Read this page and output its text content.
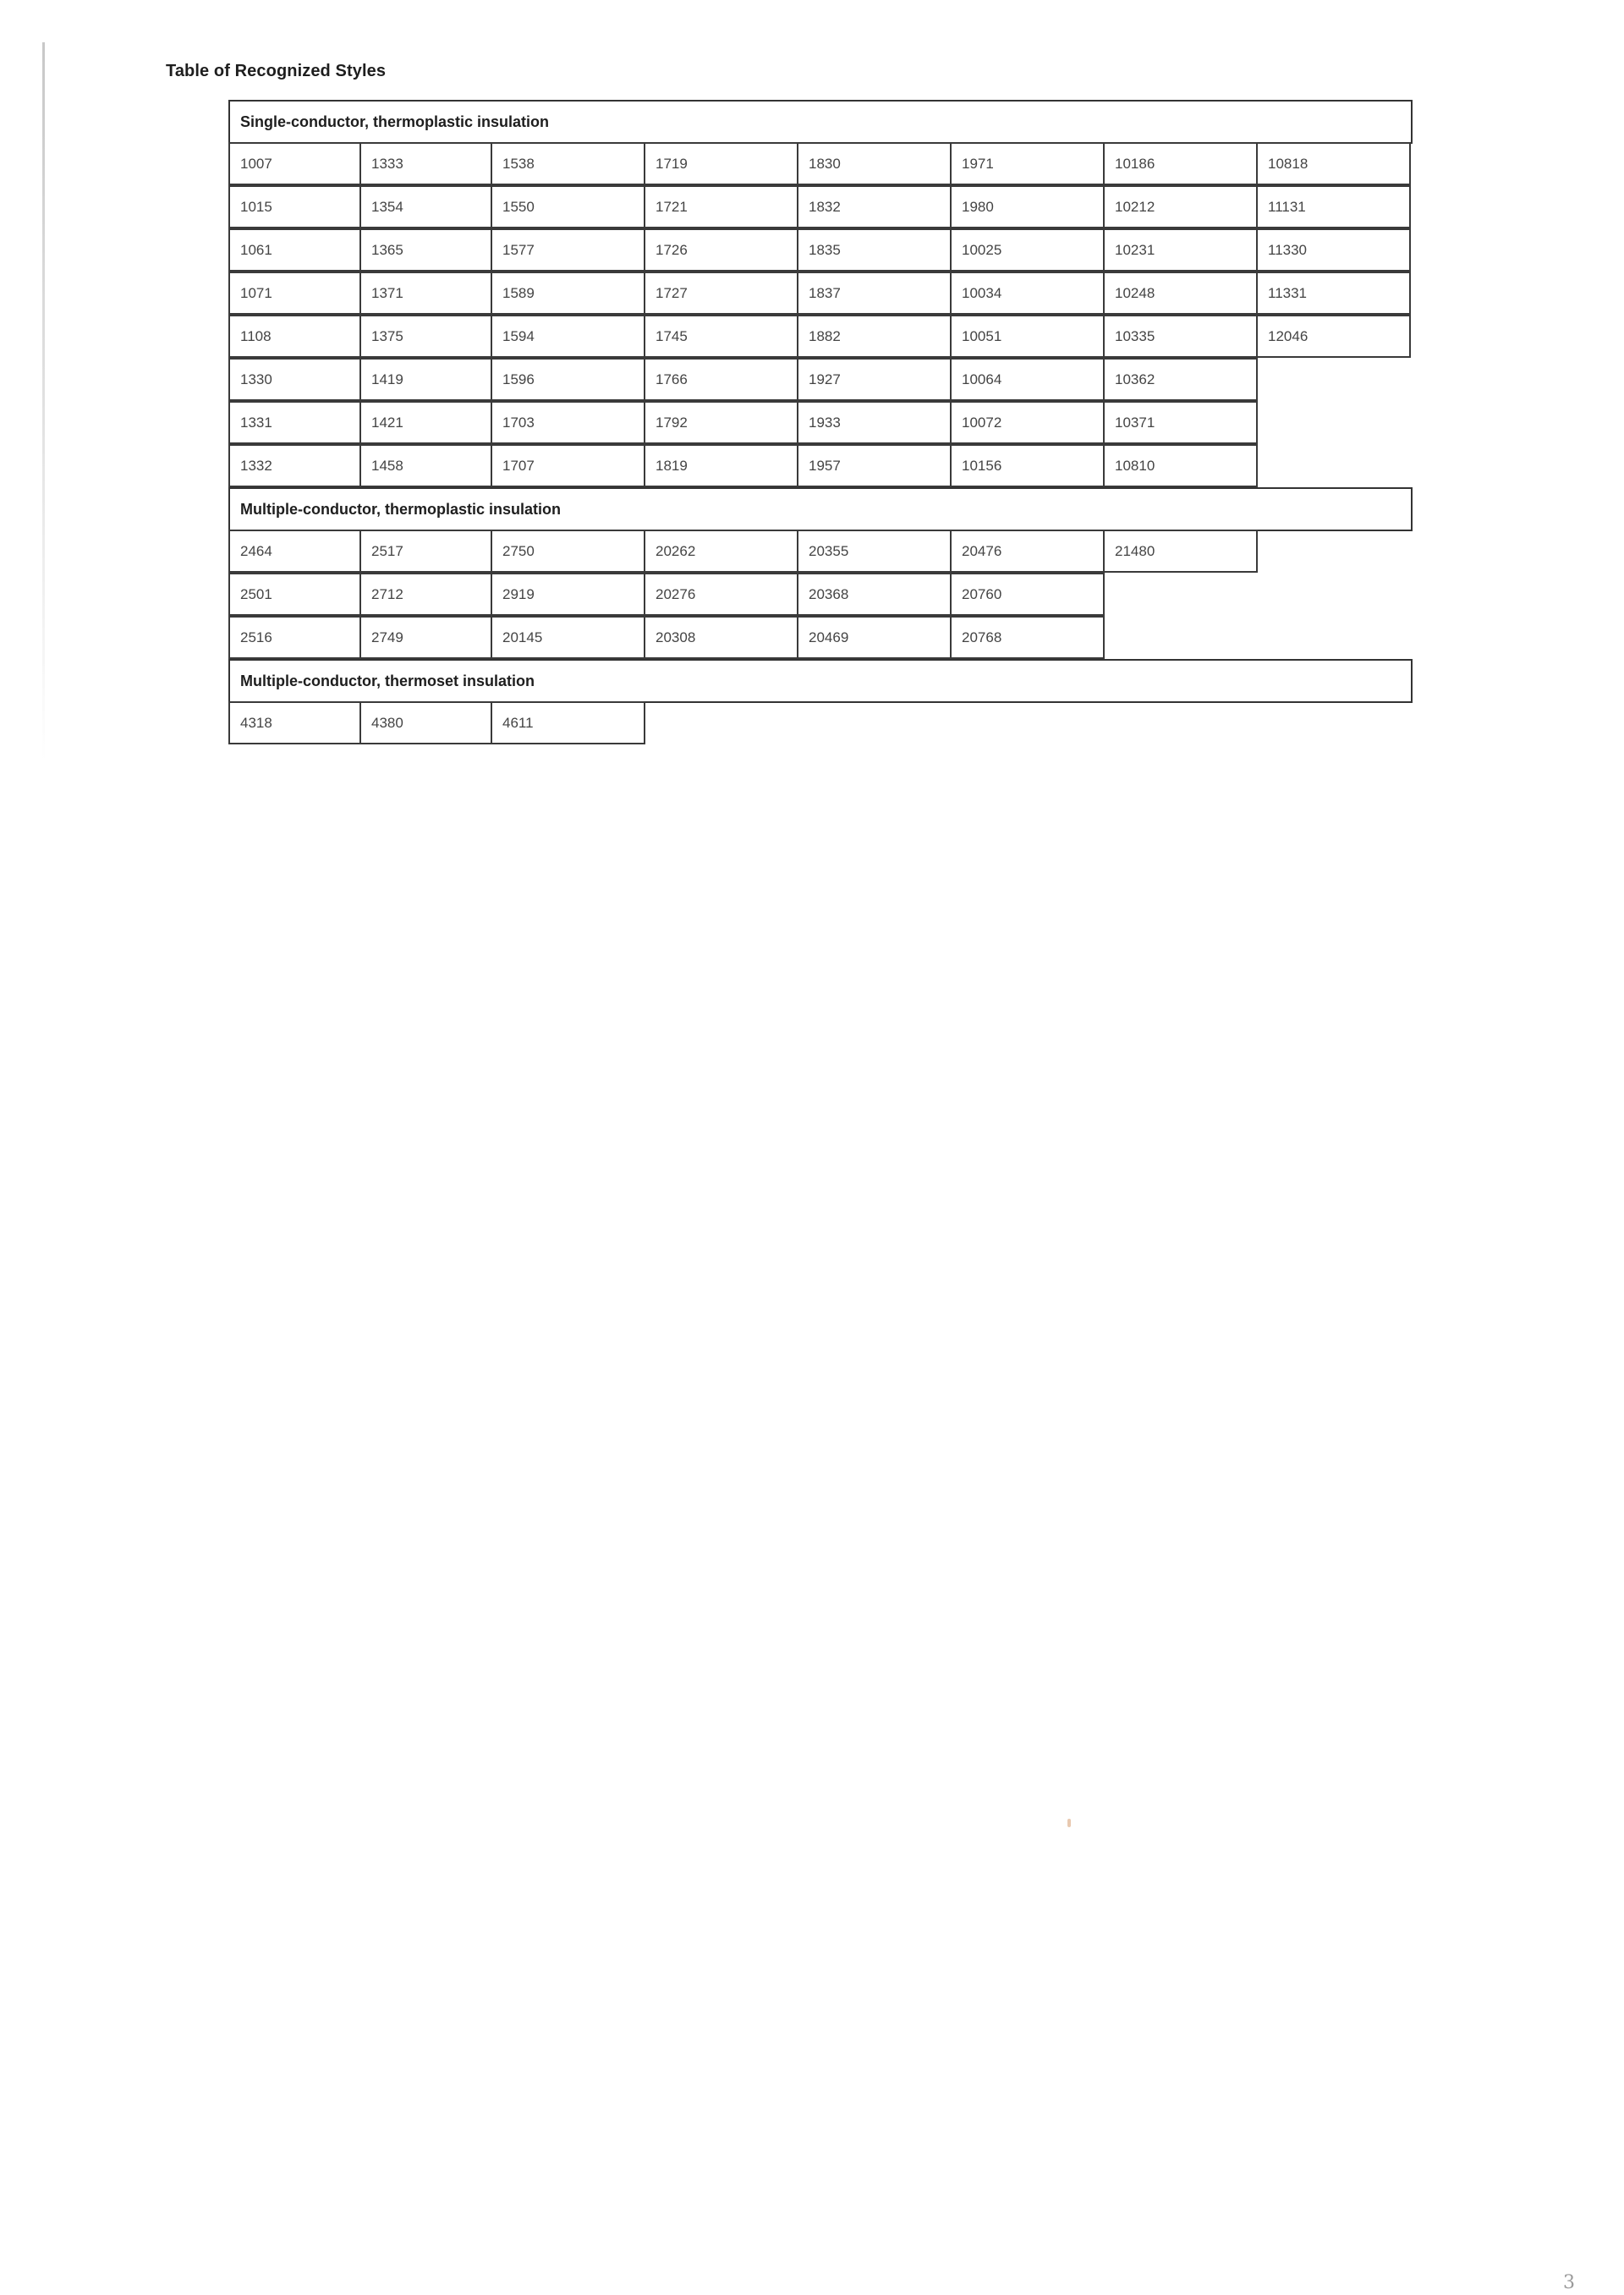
Table of Recognized Styles
Single-conductor, thermoplastic insulation
1007	1333	1538	1719	1830	1971	10186	10818
1015	1354	1550	1721	1832	1980	10212	11131
1061	1365	1577	1726	1835	10025	10231	11330
1071	1371	1589	1727	1837	10034	10248	11331
1108	1375	1594	1745	1882	10051	10335	12046
1330	1419	1596	1766	1927	10064	10362
1331	1421	1703	1792	1933	10072	10371
1332	1458	1707	1819	1957	10156	10810
Multiple-conductor, thermoplastic insulation
2464	2517	2750	20262	20355	20476	21480
2501	2712	2919	20276	20368	20760
2516	2749	20145	20308	20469	20768
Multiple-conductor, thermoset insulation
4318	4380	4611
3
